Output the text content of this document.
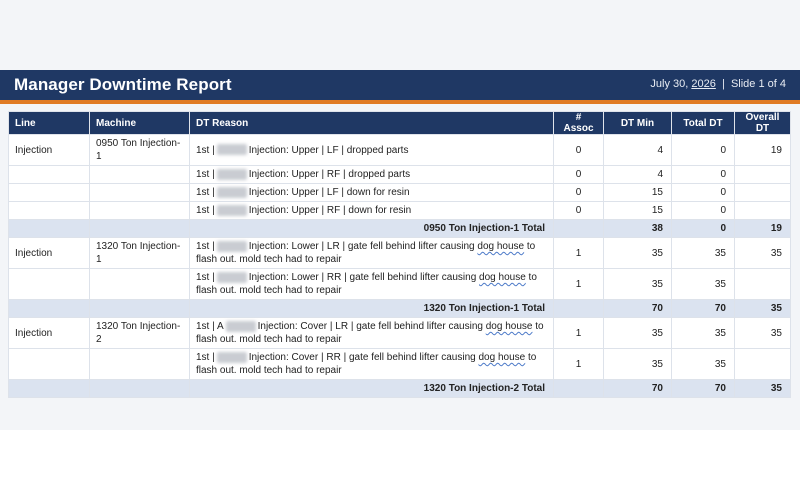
Manager Downtime Report	July 30, 2026  |  Slide 1 of 4
Line	Machine	DT Reason	# Assoc	DT Min	Total DT	Overall DT
Injection	0950 Ton Injection-1	1st | Injection: Upper | LF | dropped parts	0	4	0	19
		1st | Injection: Upper | RF | dropped parts	0	4	0	
		1st | Injection: Upper | LF | down for resin	0	15	0	
		1st | Injection: Upper | RF | down for resin	0	15	0	
		0950 Ton Injection-1 Total		38	0	19
Injection	1320 Ton Injection-1	1st | Injection: Lower | LR | gate fell behind lifter causing dog house to flash out. mold tech had to repair	1	35	35	35
		1st | Injection: Lower | RR | gate fell behind lifter causing dog house to flash out. mold tech had to repair	1	35	35	
		1320 Ton Injection-1 Total		70	70	35
Injection	1320 Ton Injection-2	1st | A Injection: Cover | LR | gate fell behind lifter causing dog house to flash out. mold tech had to repair	1	35	35	35
		1st | Injection: Cover | RR | gate fell behind lifter causing dog house to flash out. mold tech had to repair	1	35	35	
		1320 Ton Injection-2 Total		70	70	35
